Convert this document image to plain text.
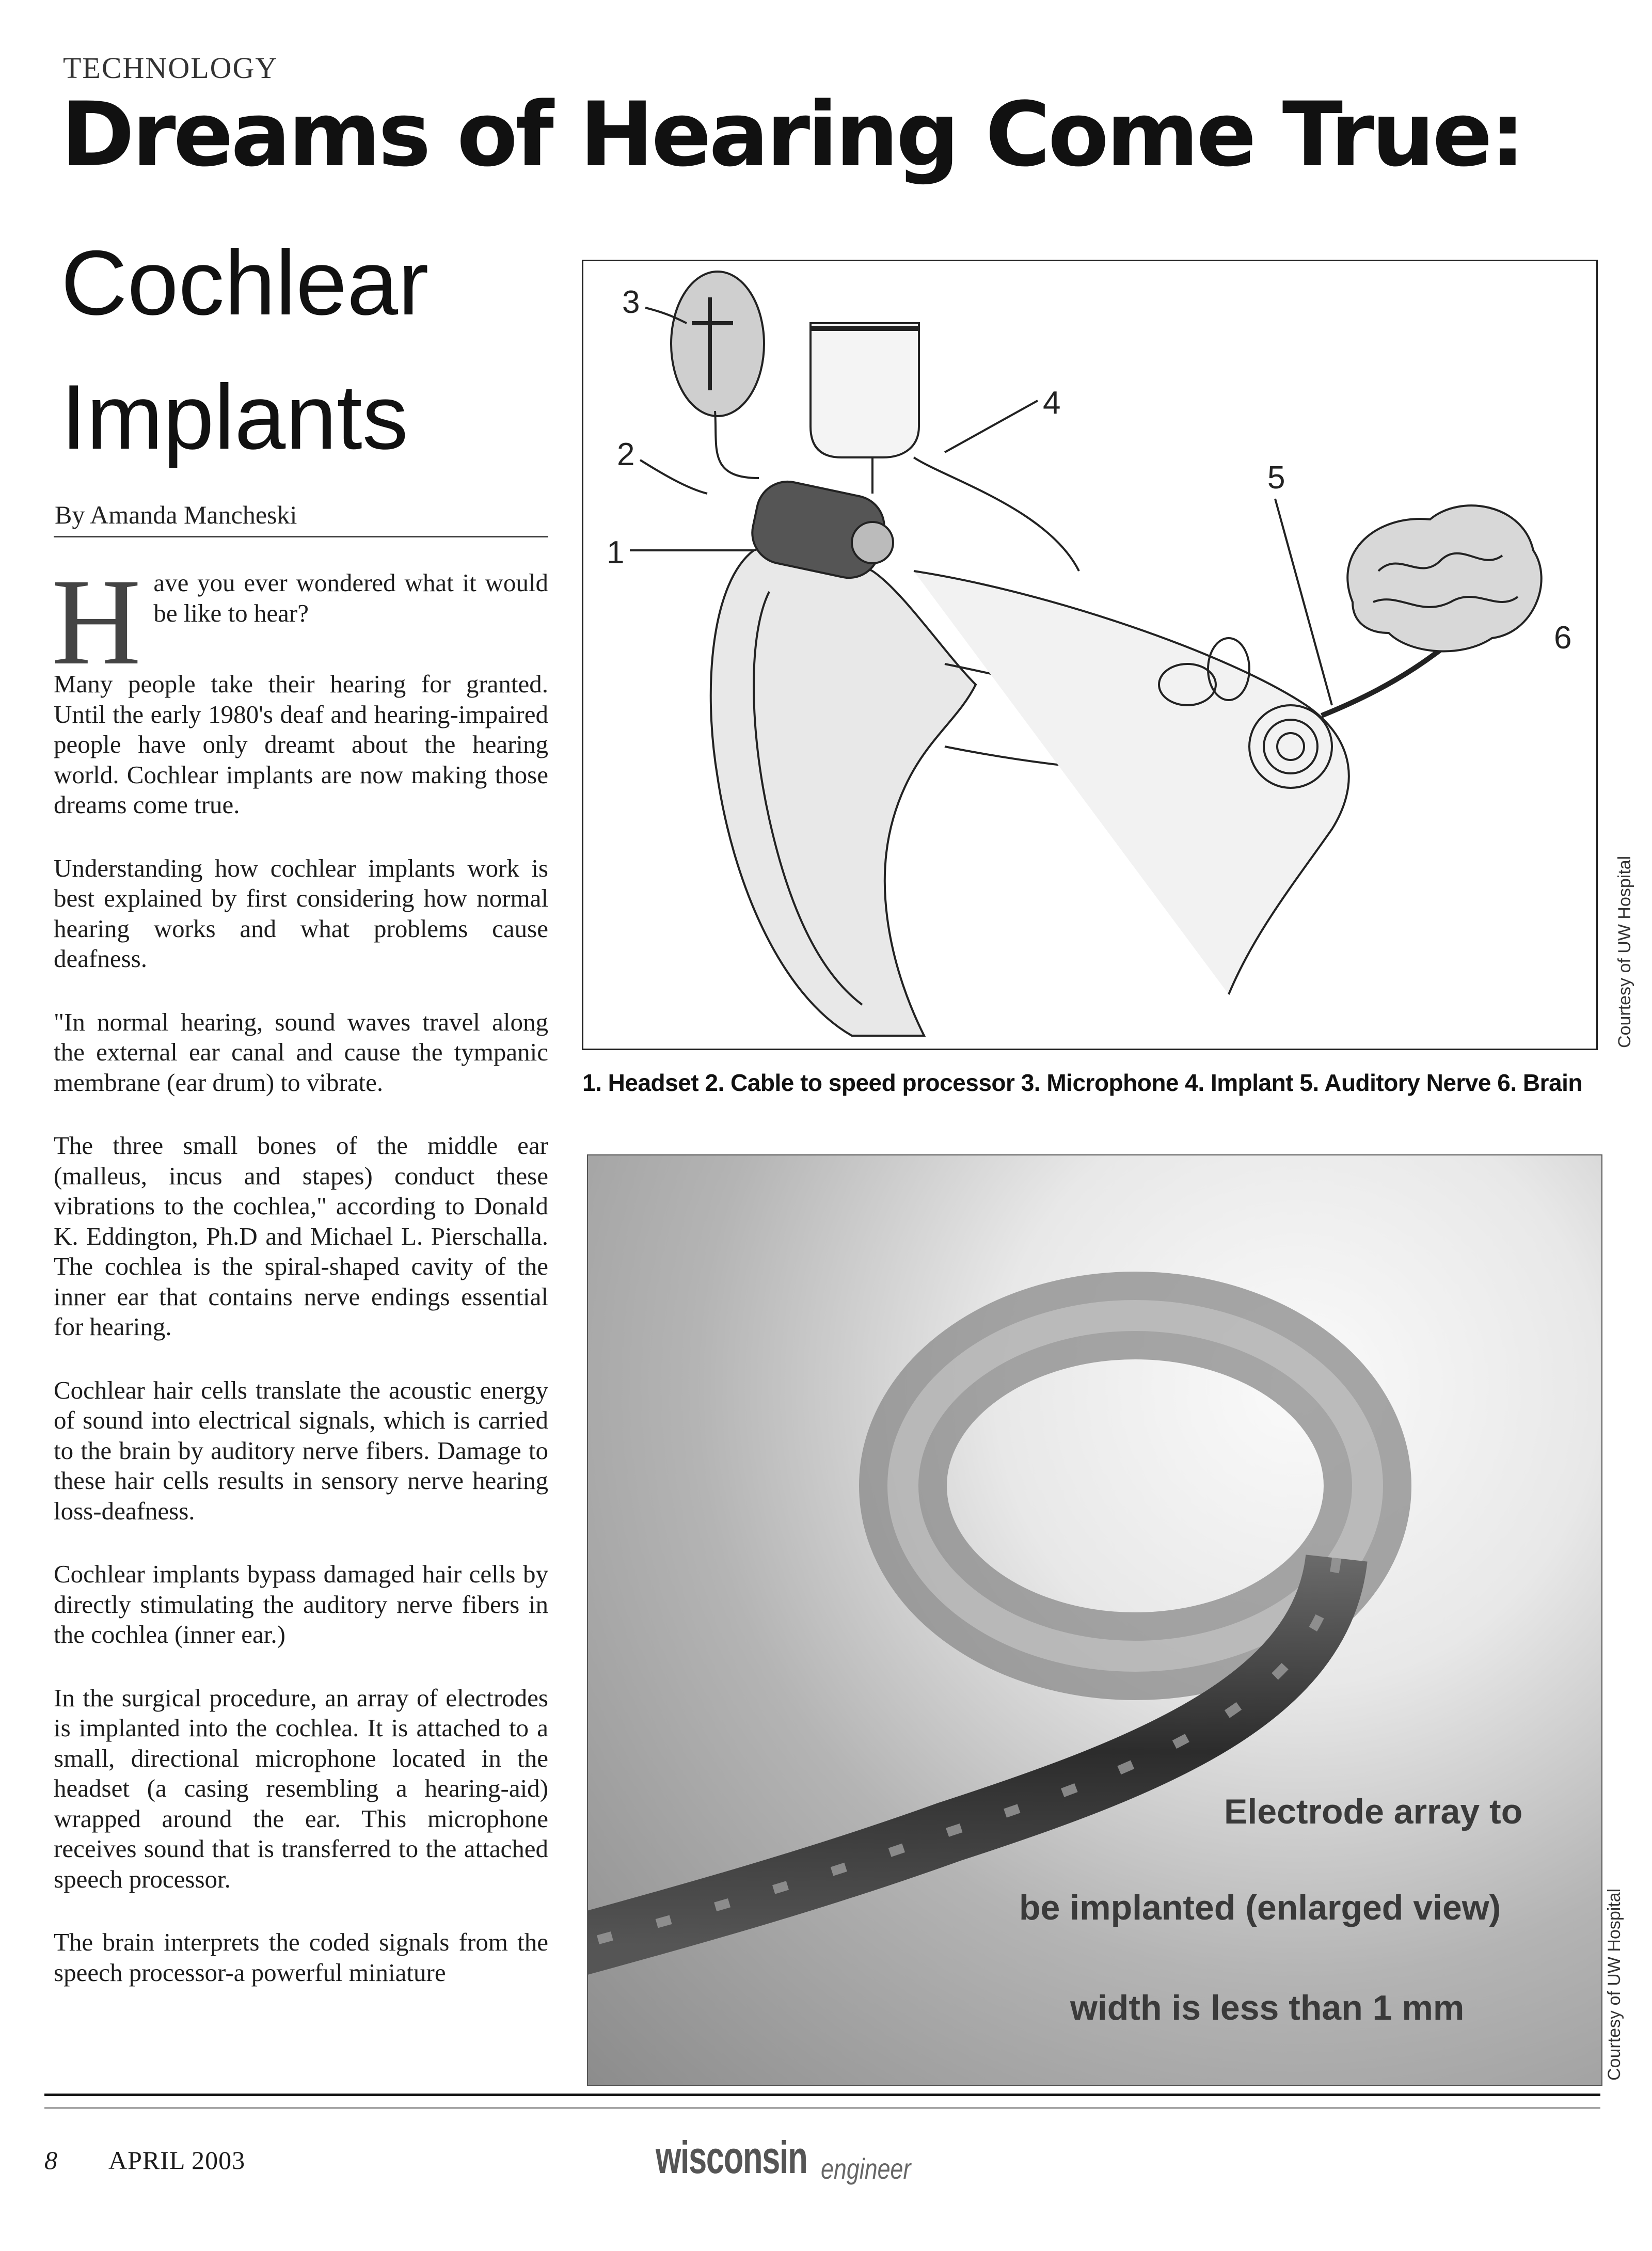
TECHNOLOGY
Dreams of Hearing Come True:
Cochlear
Implants
By Amanda Mancheski

Have you ever wondered what it would be like to hear?

Many people take their hearing for granted. Until the early 1980's deaf and hearing-impaired people have only dreamt about the hearing world. Cochlear implants are now making those dreams come true.

Understanding how cochlear implants work is best explained by first considering how normal hearing works and what problems cause deafness.

"In normal hearing, sound waves travel along the external ear canal and cause the tympanic membrane (ear drum) to vibrate.

The three small bones of the middle ear (malleus, incus and stapes) conduct these vibrations to the cochlea," according to Donald K. Eddington, Ph.D and Michael L. Pierschalla. The cochlea is the spiral-shaped cavity of the inner ear that contains nerve endings essential for hearing.

Cochlear hair cells translate the acoustic energy of sound into electrical signals, which is carried to the brain by auditory nerve fibers. Damage to these hair cells results in sensory nerve hearing loss-deafness.

Cochlear implants bypass damaged hair cells by directly stimulating the auditory nerve fibers in the cochlea (inner ear.)

In the surgical procedure, an array of electrodes is implanted into the cochlea. It is attached to a small, directional microphone located in the headset (a casing resembling a hearing-aid) wrapped around the ear. This microphone receives sound that is transferred to the attached speech processor.

The brain interprets the coded signals from the speech processor-a powerful miniature

1
2
3
4
5
6
Courtesy of UW Hospital
1. Headset 2. Cable to speed processor 3. Microphone 4. Implant 5. Auditory Nerve 6. Brain
Electrode array to
be implanted (enlarged view)
width is less than 1 mm	Courtesy of UW Hospital
8 APRIL 2003	wisconsin engineer
